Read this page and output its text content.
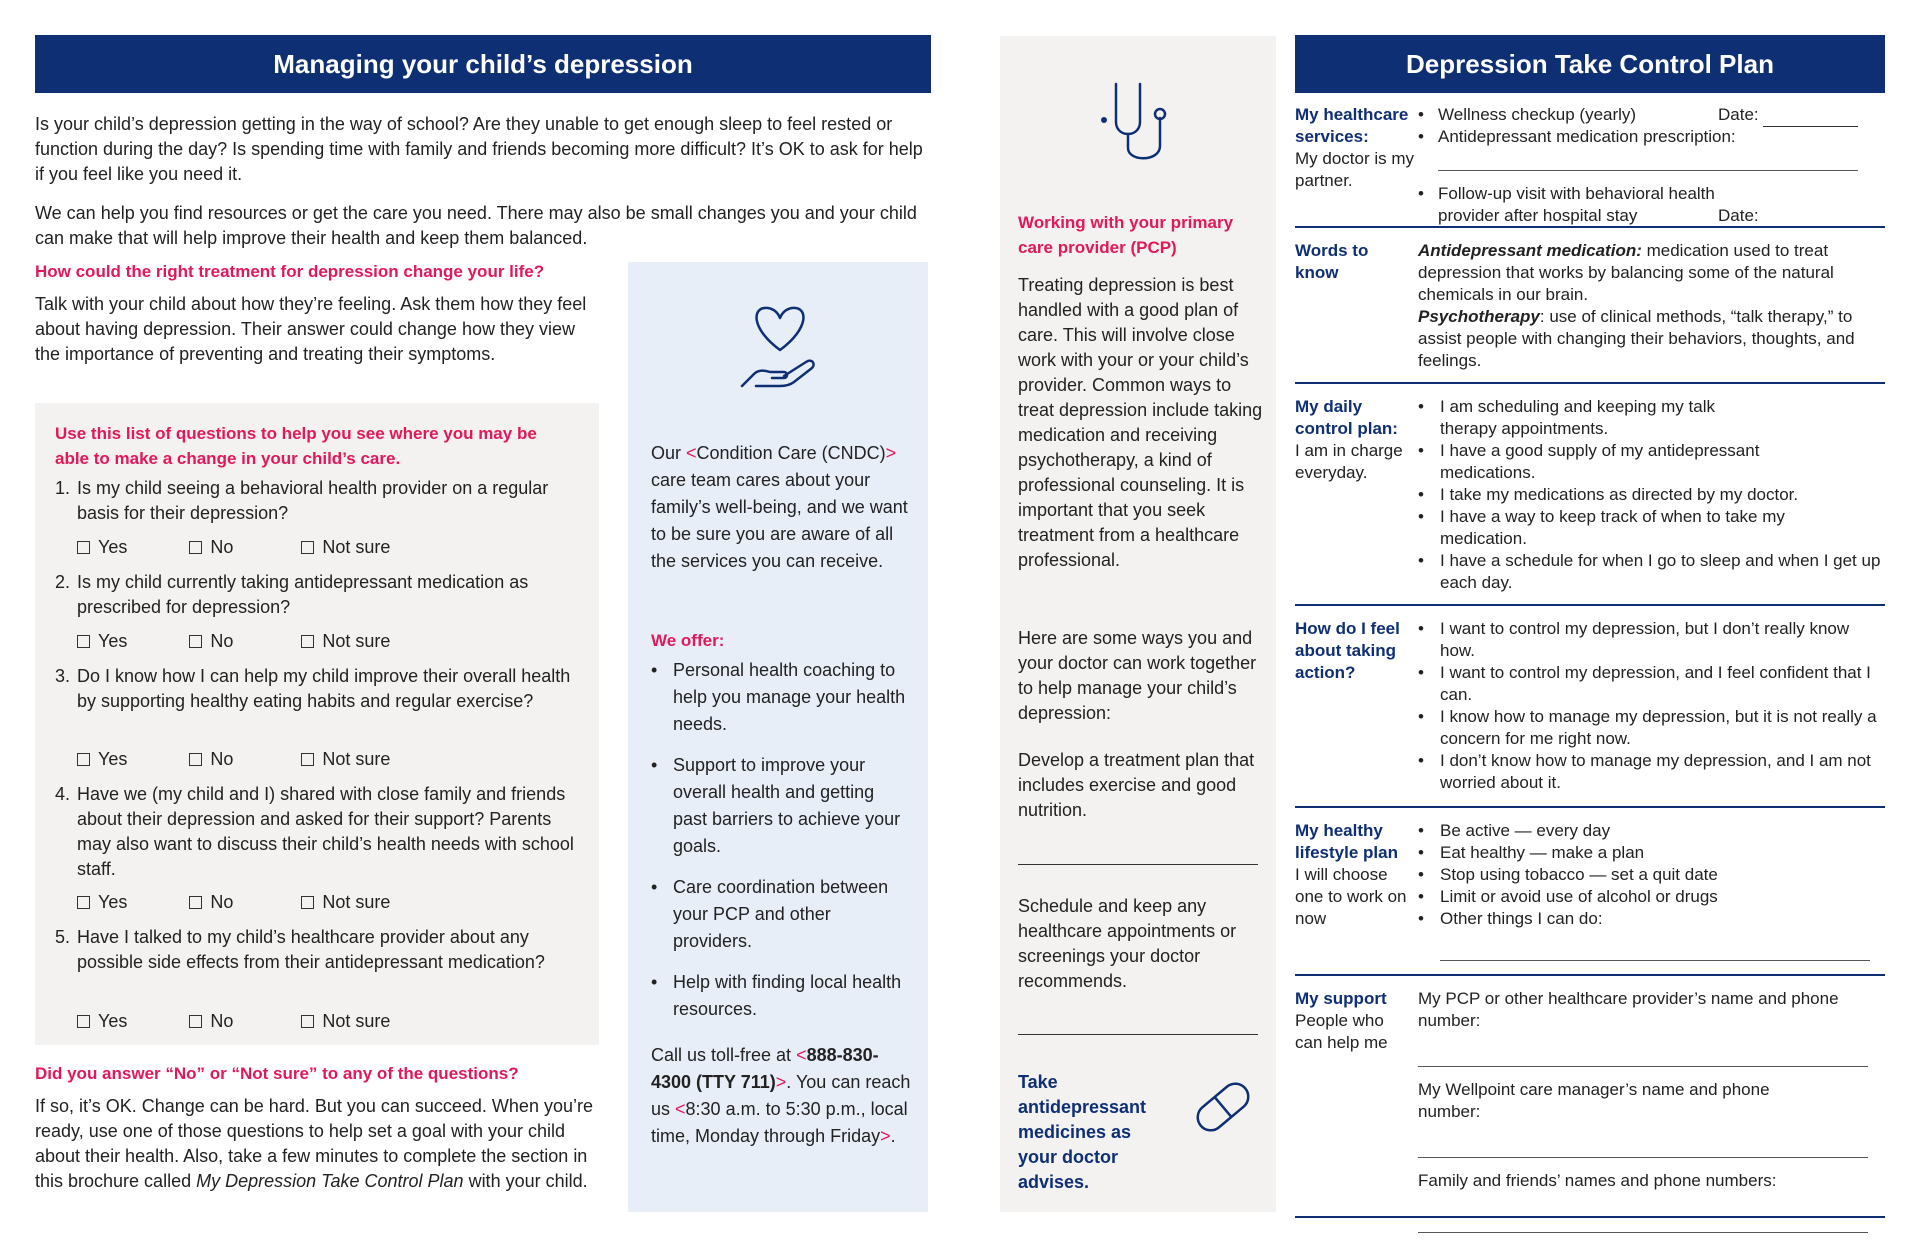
Managing your child’s depression

Is your child’s depression getting in the way of school? Are they unable to get enough sleep to feel rested or function during the day? Is spending time with family and friends becoming more difficult? It’s OK to ask for help if you feel like you need it.

We can help you find resources or get the care you need. There may also be small changes you and your child can make that will help improve their health and keep them balanced.

How could the right treatment for depression change your life?

Talk with your child about how they’re feeling. Ask them how they feel about having depression. Their answer could change how they view the importance of preventing and treating their symptoms.

Use this list of questions to help you see where you may be able to make a change in your child’s care.

1. Is my child seeing a behavioral health provider on a regular basis for their depression?
Yes	No	Not sure
2. Is my child currently taking antidepressant medication as prescribed for depression?
Yes	No	Not sure
3. Do I know how I can help my child improve their overall health by supporting healthy eating habits and regular exercise?
Yes	No	Not sure
4. Have we (my child and I) shared with close family and friends about their depression and asked for their support? Parents may also want to discuss their child’s health needs with school staff.
Yes	No	Not sure
5. Have I talked to my child’s healthcare provider about any possible side effects from their antidepressant medication?
Yes	No	Not sure

Did you answer “No” or “Not sure” to any of the questions?

If so, it’s OK. Change can be hard. But you can succeed. When you’re ready, use one of those questions to help set a goal with your child about their health. Also, take a few minutes to complete the section in this brochure called My Depression Take Control Plan with your child.

Our <Condition Care (CNDC)> care team cares about your family’s well-being, and we want to be sure you are aware of all the services you can receive.

We offer:

• Personal health coaching to help you manage your health needs.
• Support to improve your overall health and getting past barriers to achieve your goals.
• Care coordination between your PCP and other providers.
• Help with finding local health resources.

Call us toll-free at <888-830-4300 (TTY 711)>. You can reach us <8:30 a.m. to 5:30 p.m., local time, Monday through Friday>.

Working with your primary care provider (PCP)

Treating depression is best handled with a good plan of care. This will involve close work with your or your child’s provider. Common ways to treat depression include taking medication and receiving psychotherapy, a kind of professional counseling. It is important that you seek treatment from a healthcare professional.

Here are some ways you and your doctor can work together to help manage your child’s depression:

Develop a treatment plan that includes exercise and good nutrition.

Schedule and keep any healthcare appointments or screenings your doctor recommends.

Take antidepressant medicines as your doctor advises.

Depression Take Control Plan
My healthcare services:
My doctor is my partner.
• Wellness checkup (yearly)	Date:
• Antidepressant medication prescription:
• Follow-up visit with behavioral health provider after hospital stay	Date:
Words to know
Antidepressant medication: medication used to treat depression that works by balancing some of the natural chemicals in our brain.
Psychotherapy: use of clinical methods, “talk therapy,” to assist people with changing their behaviors, thoughts, and feelings.
My daily control plan:
I am in charge everyday.
• I am scheduling and keeping my talk therapy appointments.
• I have a good supply of my antidepressant medications.
• I take my medications as directed by my doctor.
• I have a way to keep track of when to take my medication.
• I have a schedule for when I go to sleep and when I get up each day.
How do I feel about taking action?
• I want to control my depression, but I don’t really know how.
• I want to control my depression, and I feel confident that I can.
• I know how to manage my depression, but it is not really a concern for me right now.
• I don’t know how to manage my depression, and I am not worried about it.
My healthy lifestyle plan
I will choose one to work on now
• Be active — every day
• Eat healthy — make a plan
• Stop using tobacco — set a quit date
• Limit or avoid use of alcohol or drugs
• Other things I can do:
My support
People who can help me
My PCP or other healthcare provider’s name and phone number:
My Wellpoint care manager’s name and phone number:
Family and friends’ names and phone numbers:
